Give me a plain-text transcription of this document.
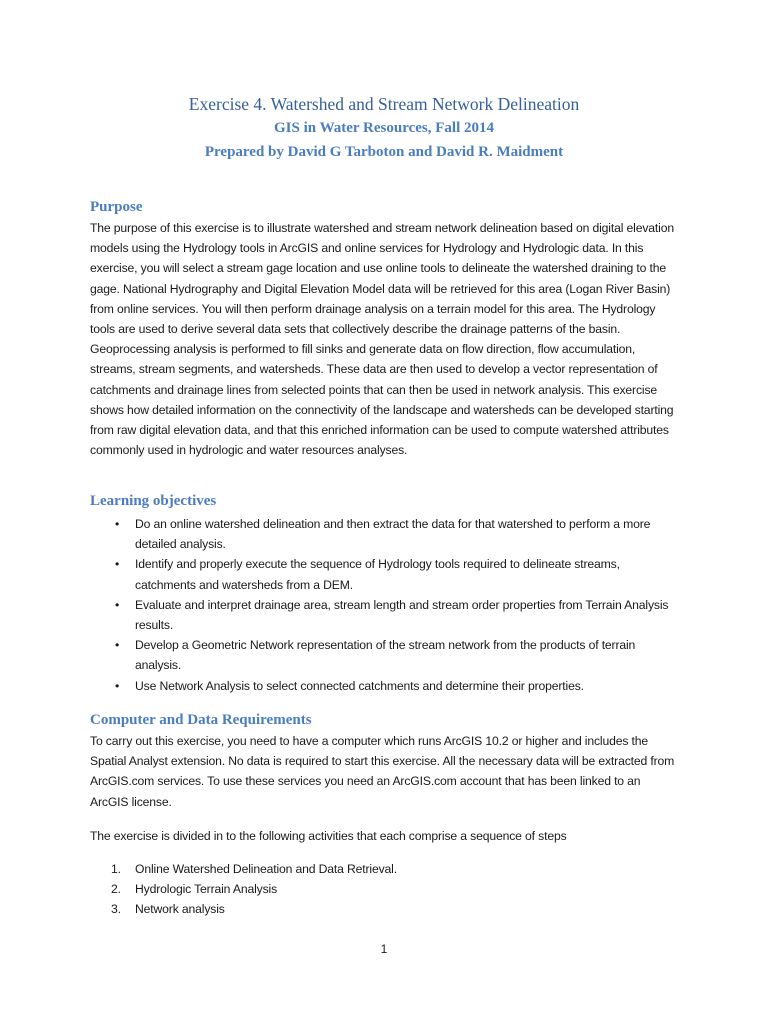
Exercise 4. Watershed and Stream Network Delineation

GIS in Water Resources, Fall 2014

Prepared by David G Tarboton and David R. Maidment

Purpose

The purpose of this exercise is to illustrate watershed and stream network delineation based on digital elevation models using the Hydrology tools in ArcGIS and online services for Hydrology and Hydrologic data. In this exercise, you will select a stream gage location and use online tools to delineate the watershed draining to the gage. National Hydrography and Digital Elevation Model data will be retrieved for this area (Logan River Basin) from online services. You will then perform drainage analysis on a terrain model for this area. The Hydrology tools are used to derive several data sets that collectively describe the drainage patterns of the basin. Geoprocessing analysis is performed to fill sinks and generate data on flow direction, flow accumulation, streams, stream segments, and watersheds. These data are then used to develop a vector representation of catchments and drainage lines from selected points that can then be used in network analysis. This exercise shows how detailed information on the connectivity of the landscape and watersheds can be developed starting from raw digital elevation data, and that this enriched information can be used to compute watershed attributes commonly used in hydrologic and water resources analyses.

Learning objectives
• Do an online watershed delineation and then extract the data for that watershed to perform a more detailed analysis.
• Identify and properly execute the sequence of Hydrology tools required to delineate streams, catchments and watersheds from a DEM.
• Evaluate and interpret drainage area, stream length and stream order properties from Terrain Analysis results.
• Develop a Geometric Network representation of the stream network from the products of terrain analysis.
• Use Network Analysis to select connected catchments and determine their properties.
Computer and Data Requirements

To carry out this exercise, you need to have a computer which runs ArcGIS 10.2 or higher and includes the Spatial Analyst extension. No data is required to start this exercise. All the necessary data will be extracted from ArcGIS.com services. To use these services you need an ArcGIS.com account that has been linked to an ArcGIS license.

The exercise is divided in to the following activities that each comprise a sequence of steps

1. Online Watershed Delineation and Data Retrieval.
2. Hydrologic Terrain Analysis
3. Network analysis
1
